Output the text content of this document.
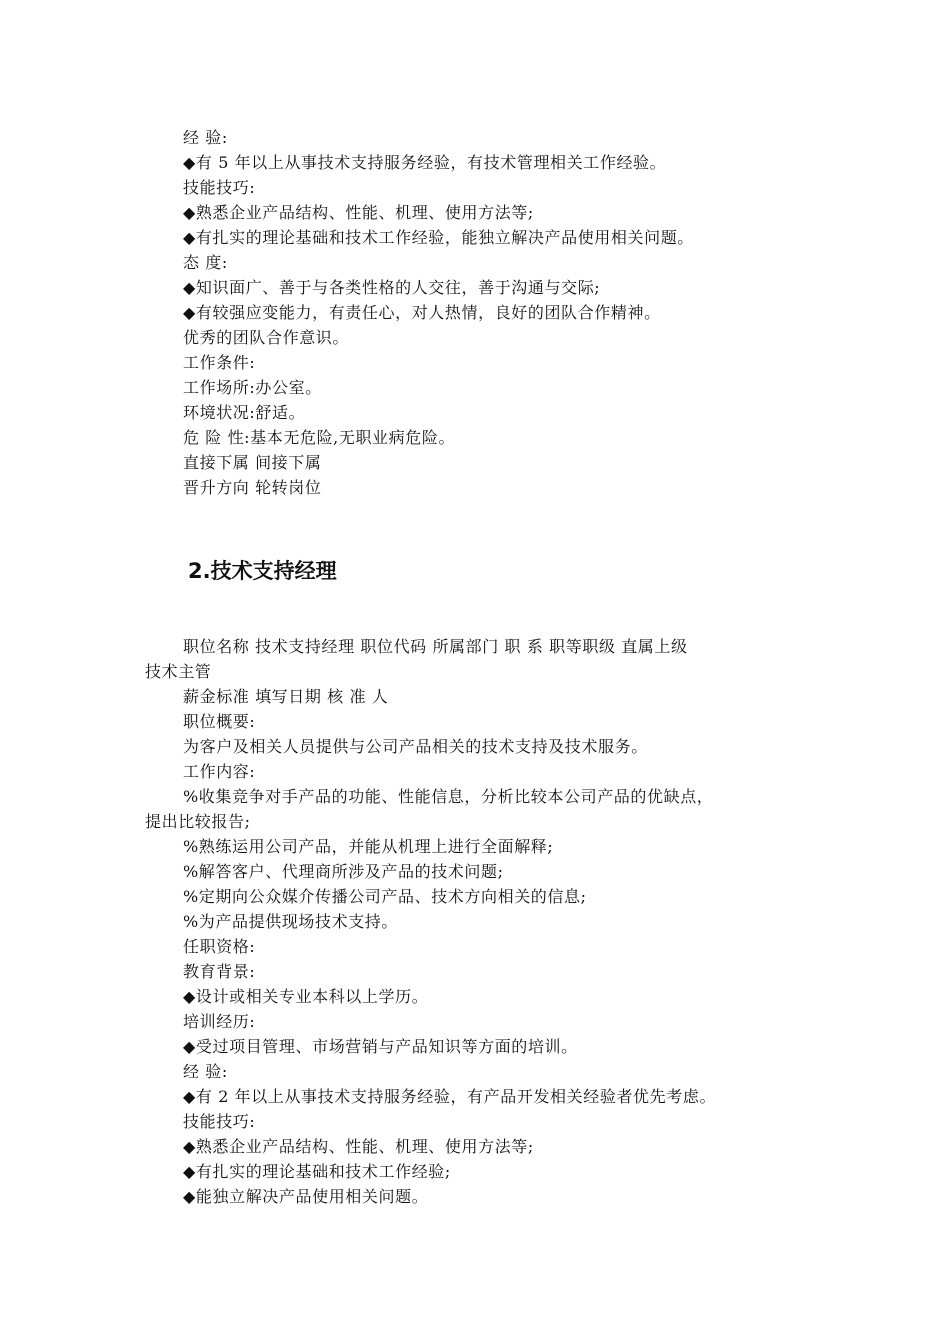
经 验:
◆有 5 年以上从事技术支持服务经验，有技术管理相关工作经验。
技能技巧:
◆熟悉企业产品结构、性能、机理、使用方法等;
◆有扎实的理论基础和技术工作经验，能独立解决产品使用相关问题。
态 度:
◆知识面广、善于与各类性格的人交往，善于沟通与交际;
◆有较强应变能力，有责任心，对人热情，良好的团队合作精神。
优秀的团队合作意识。
工作条件:
工作场所:办公室。
环境状况:舒适。
危 险 性:基本无危险,无职业病危险。
直接下属 间接下属
晋升方向 轮转岗位
2.技术支持经理
职位名称 技术支持经理 职位代码 所属部门 职 系 职等职级 直属上级
技术主管
薪金标准 填写日期 核 准 人
职位概要:
为客户及相关人员提供与公司产品相关的技术支持及技术服务。
工作内容:
%收集竞争对手产品的功能、性能信息，分析比较本公司产品的优缺点，
提出比较报告;
%熟练运用公司产品，并能从机理上进行全面解释;
%解答客户、代理商所涉及产品的技术问题;
%定期向公众媒介传播公司产品、技术方向相关的信息;
%为产品提供现场技术支持。
任职资格:
教育背景:
◆设计或相关专业本科以上学历。
培训经历:
◆受过项目管理、市场营销与产品知识等方面的培训。
经 验:
◆有 2 年以上从事技术支持服务经验，有产品开发相关经验者优先考虑。
技能技巧:
◆熟悉企业产品结构、性能、机理、使用方法等;
◆有扎实的理论基础和技术工作经验;
◆能独立解决产品使用相关问题。
